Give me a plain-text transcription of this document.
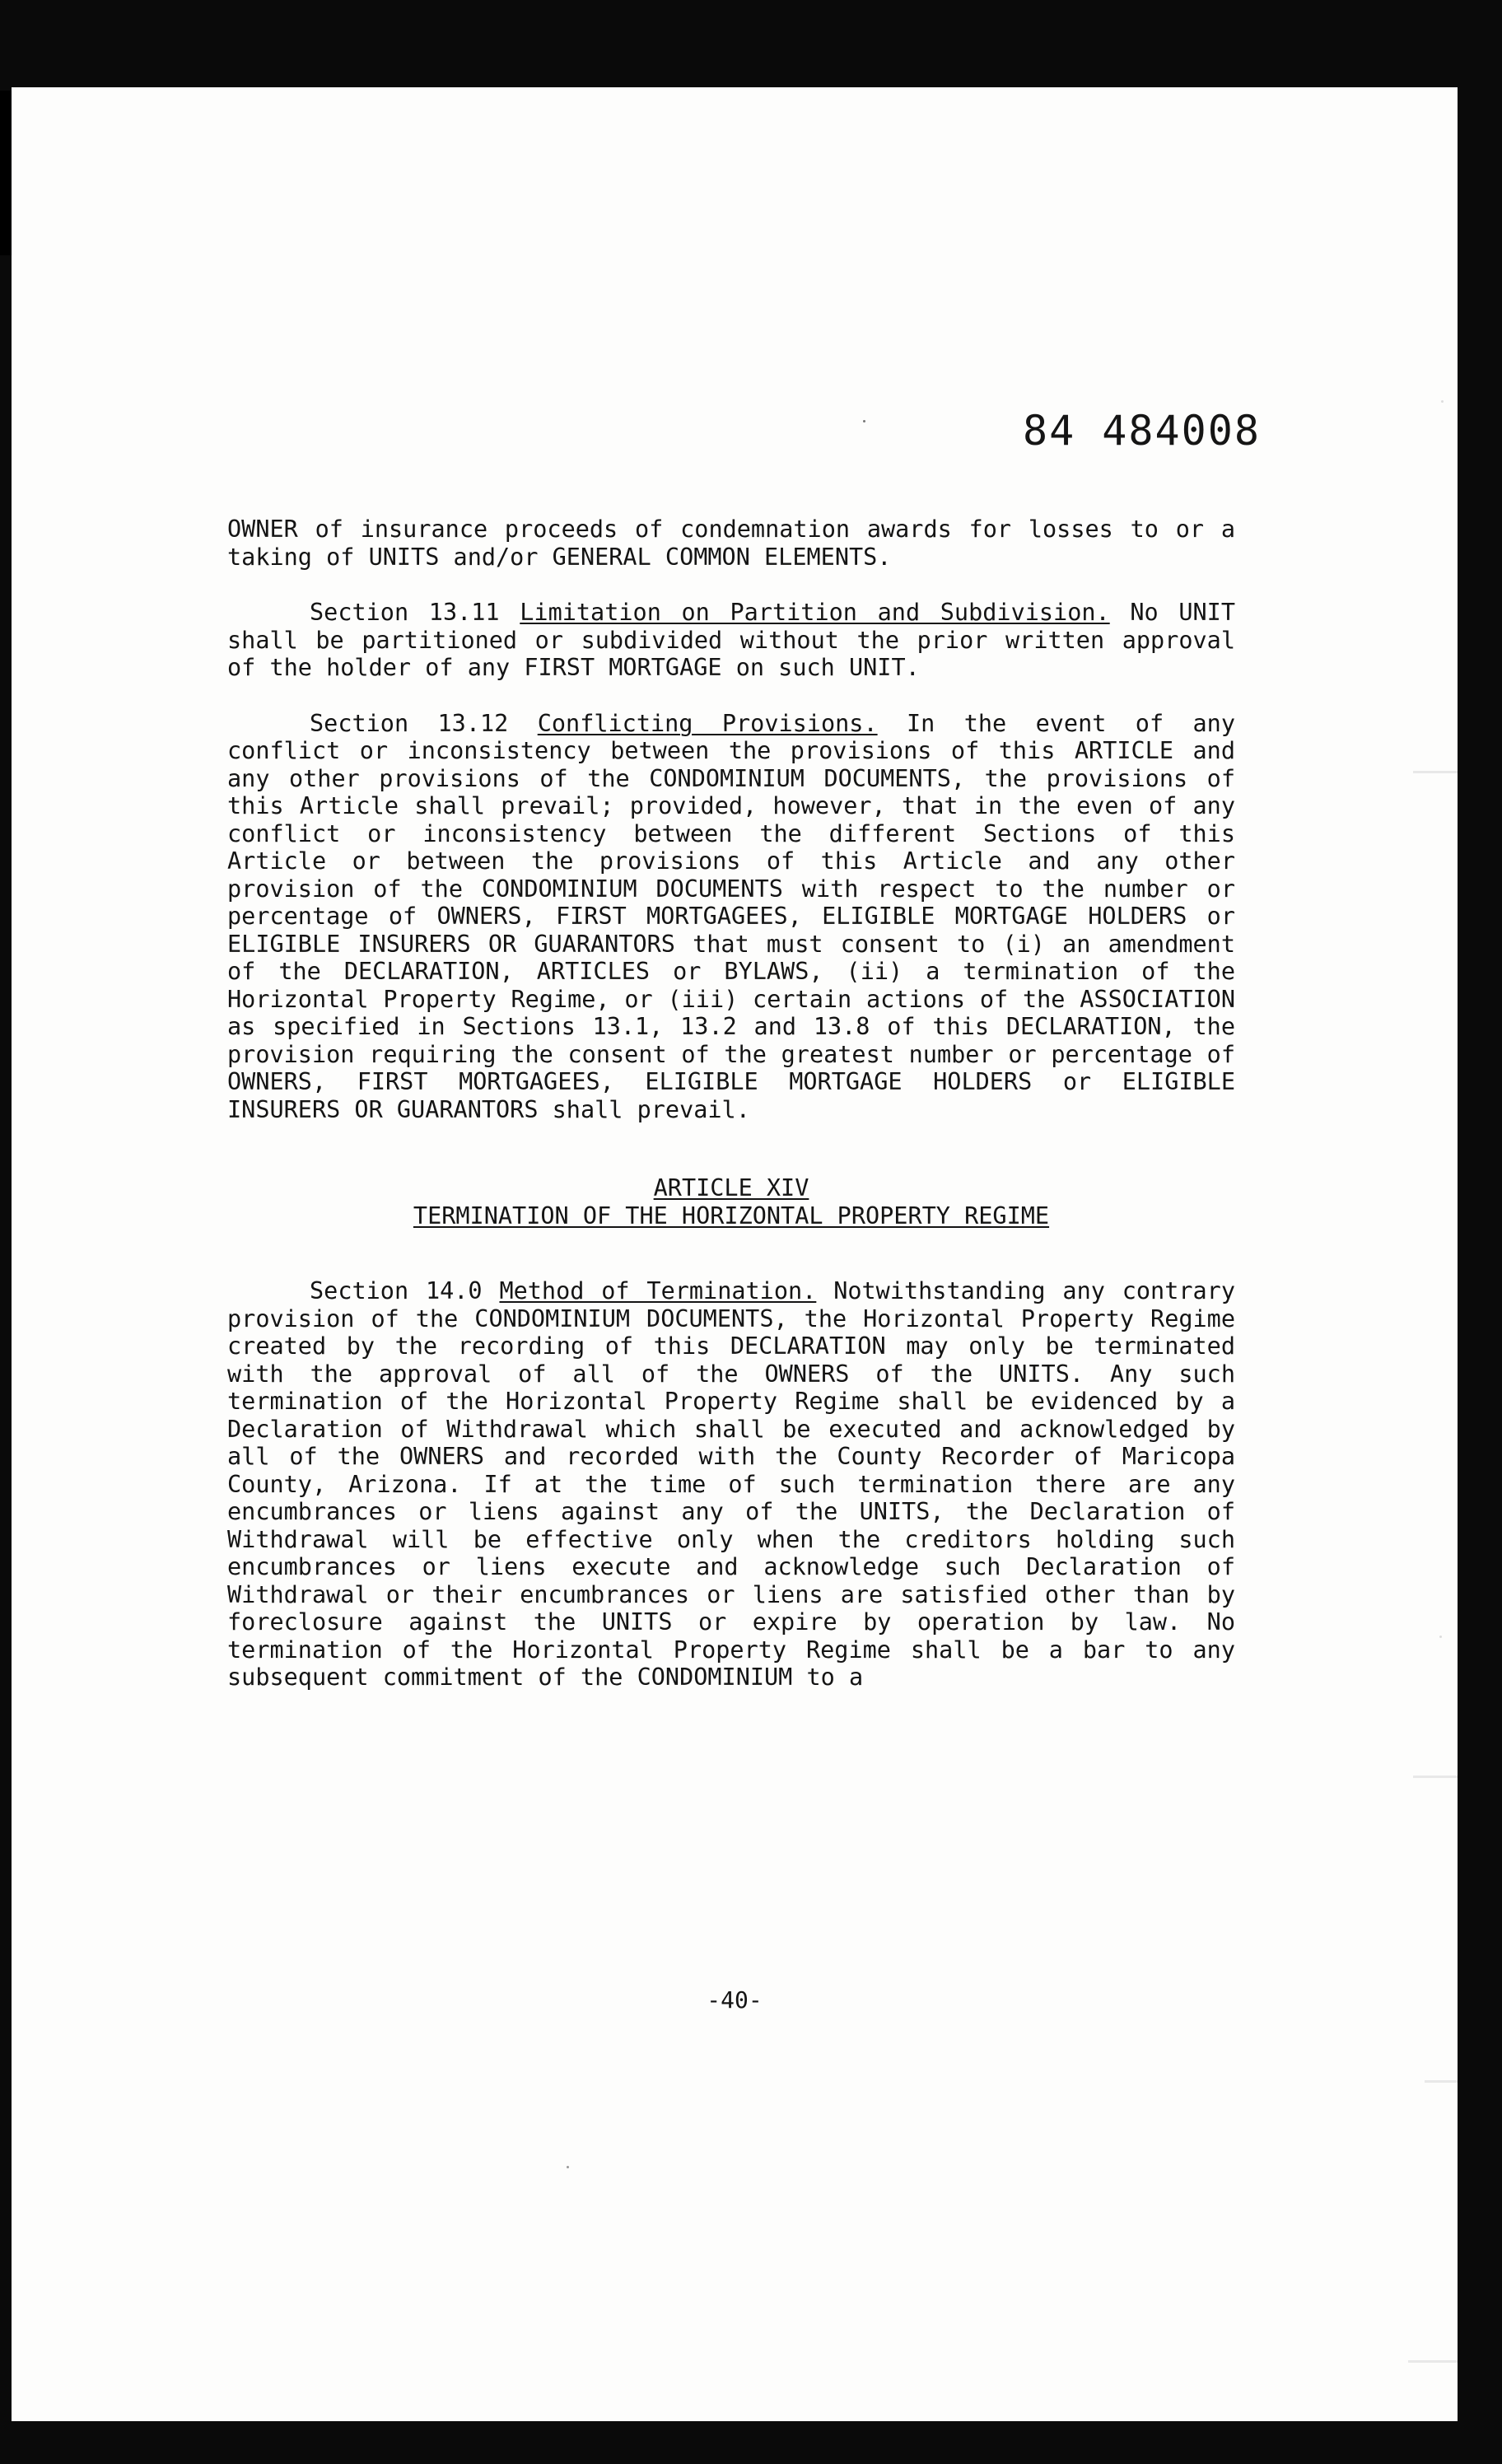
84 484008

OWNER of insurance proceeds of condemnation awards for losses to or a taking of UNITS and/or GENERAL COMMON ELEMENTS.

Section 13.11 Limitation on Partition and Subdivision. No UNIT shall be partitioned or subdivided without the prior written approval of the holder of any FIRST MORTGAGE on such UNIT.

Section 13.12 Conflicting Provisions. In the event of any conflict or inconsistency between the provisions of this ARTICLE and any other provisions of the CONDOMINIUM DOCUMENTS, the provisions of this Article shall prevail; provided, however, that in the even of any conflict or inconsistency between the different Sections of this Article or between the provisions of this Article and any other provision of the CONDOMINIUM DOCUMENTS with respect to the number or percentage of OWNERS, FIRST MORTGAGEES, ELIGIBLE MORTGAGE HOLDERS or ELIGIBLE INSURERS OR GUARANTORS that must consent to (i) an amendment of the DECLARATION, ARTICLES or BYLAWS, (ii) a termination of the Horizontal Property Regime, or (iii) certain actions of the ASSOCIATION as specified in Sections 13.1, 13.2 and 13.8 of this DECLARATION, the provision requiring the consent of the greatest number or percentage of OWNERS, FIRST MORTGAGEES, ELIGIBLE MORTGAGE HOLDERS or ELIGIBLE INSURERS OR GUARANTORS shall prevail.

ARTICLE XIV

TERMINATION OF THE HORIZONTAL PROPERTY REGIME

Section 14.0 Method of Termination. Notwithstanding any contrary provision of the CONDOMINIUM DOCUMENTS, the Horizontal Property Regime created by the recording of this DECLARATION may only be terminated with the approval of all of the OWNERS of the UNITS. Any such termination of the Horizontal Property Regime shall be evidenced by a Declaration of Withdrawal which shall be executed and acknowledged by all of the OWNERS and recorded with the County Recorder of Maricopa County, Arizona. If at the time of such termination there are any encumbrances or liens against any of the UNITS, the Declaration of Withdrawal will be effective only when the creditors holding such encumbrances or liens execute and acknowledge such Declaration of Withdrawal or their encumbrances or liens are satisfied other than by foreclosure against the UNITS or expire by operation by law. No termination of the Horizontal Property Regime shall be a bar to any subsequent commitment of the CONDOMINIUM to a

-40-
